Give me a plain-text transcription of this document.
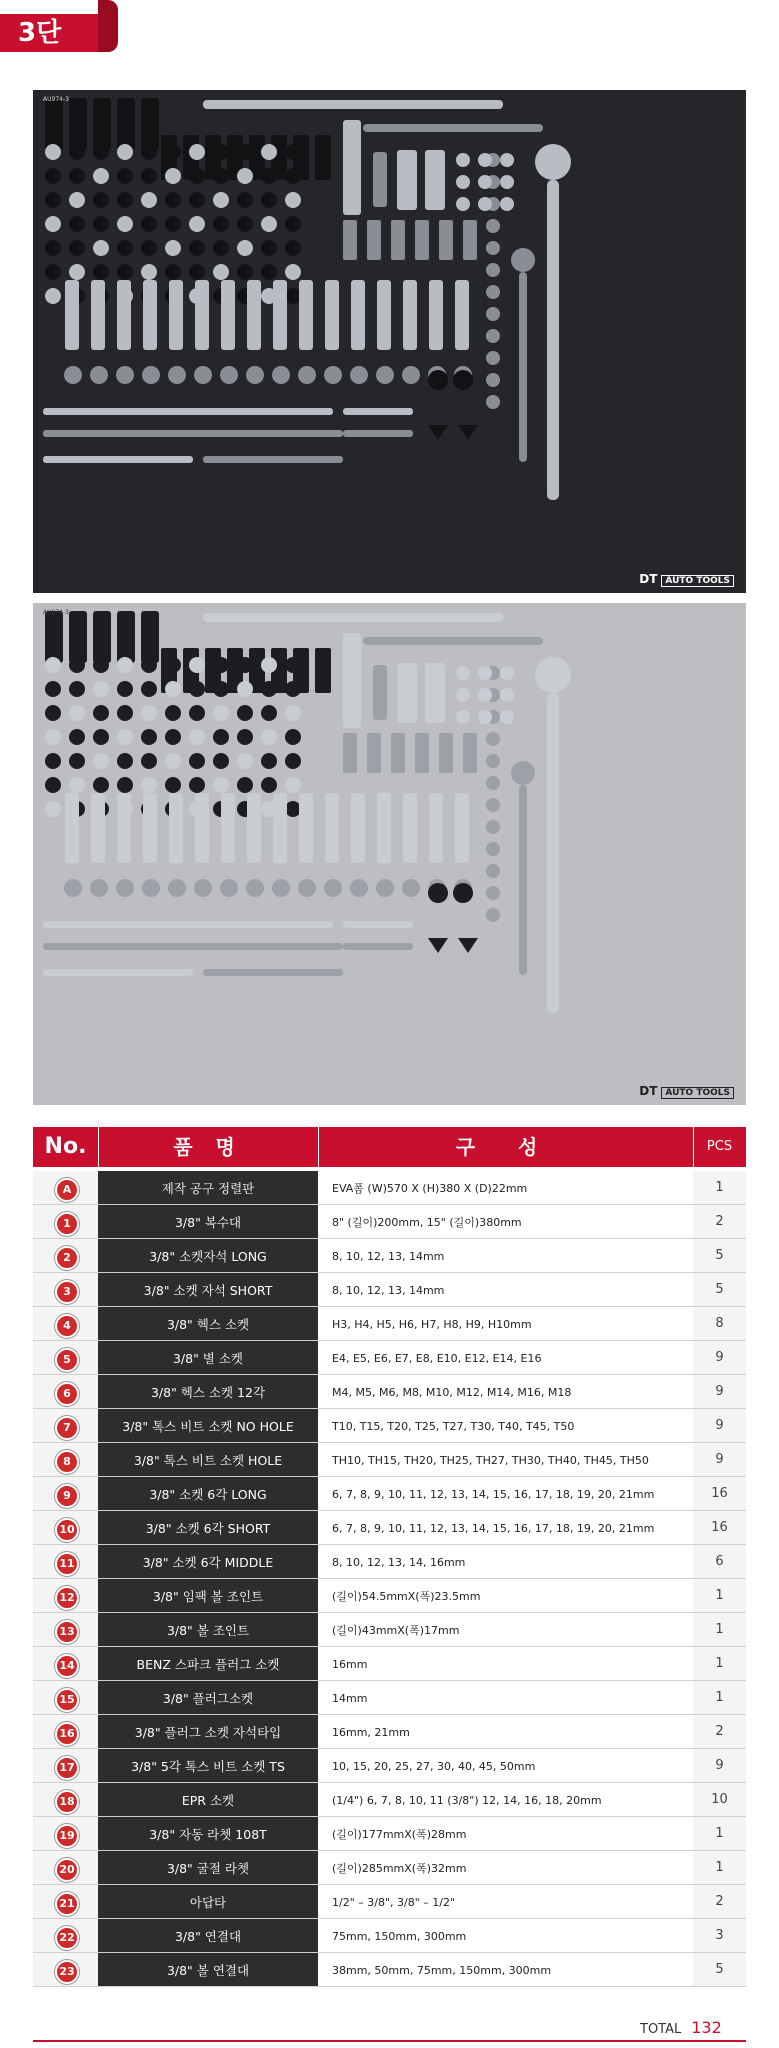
3단
AU974-3
DT AUTO TOOLS
AU974-3
DT AUTO TOOLS
No.	품 명	구 성	PCS
A	제작 공구 정렬판	EVA폼 (W)570 X (H)380 X (D)22mm	1
1	3/8" 복수대	8" (길이)200mm, 15" (길이)380mm	2
2	3/8" 소켓자석 LONG	8, 10, 12, 13, 14mm	5
3	3/8" 소켓 자석 SHORT	8, 10, 12, 13, 14mm	5
4	3/8" 헥스 소켓	H3, H4, H5, H6, H7, H8, H9, H10mm	8
5	3/8" 별 소켓	E4, E5, E6, E7, E8, E10, E12, E14, E16	9
6	3/8" 헥스 소켓 12각	M4, M5, M6, M8, M10, M12, M14, M16, M18	9
7	3/8" 톡스 비트 소켓 NO HOLE	T10, T15, T20, T25, T27, T30, T40, T45, T50	9
8	3/8" 톡스 비트 소켓 HOLE	TH10, TH15, TH20, TH25, TH27, TH30, TH40, TH45, TH50	9
9	3/8" 소켓 6각 LONG	6, 7, 8, 9, 10, 11, 12, 13, 14, 15, 16, 17, 18, 19, 20, 21mm	16
10	3/8" 소켓 6각 SHORT	6, 7, 8, 9, 10, 11, 12, 13, 14, 15, 16, 17, 18, 19, 20, 21mm	16
11	3/8" 소켓 6각 MIDDLE	8, 10, 12, 13, 14, 16mm	6
12	3/8" 임팩 볼 조인트	(길이)54.5mmX(폭)23.5mm	1
13	3/8" 볼 조인트	(길이)43mmX(폭)17mm	1
14	BENZ 스파크 플러그 소켓	16mm	1
15	3/8" 플러그소켓	14mm	1
16	3/8" 플러그 소켓 자석타입	16mm, 21mm	2
17	3/8" 5각 톡스 비트 소켓 TS	10, 15, 20, 25, 27, 30, 40, 45, 50mm	9
18	EPR 소켓	(1/4") 6, 7, 8, 10, 11 (3/8") 12, 14, 16, 18, 20mm	10
19	3/8" 자동 라쳇 108T	(길이)177mmX(폭)28mm	1
20	3/8" 굴절 라쳇	(길이)285mmX(폭)32mm	1
21	아답타	1/2" – 3/8", 3/8" – 1/2"	2
22	3/8" 연결대	75mm, 150mm, 300mm	3
23	3/8" 볼 연결대	38mm, 50mm, 75mm, 150mm, 300mm	5
TOTAL 132
